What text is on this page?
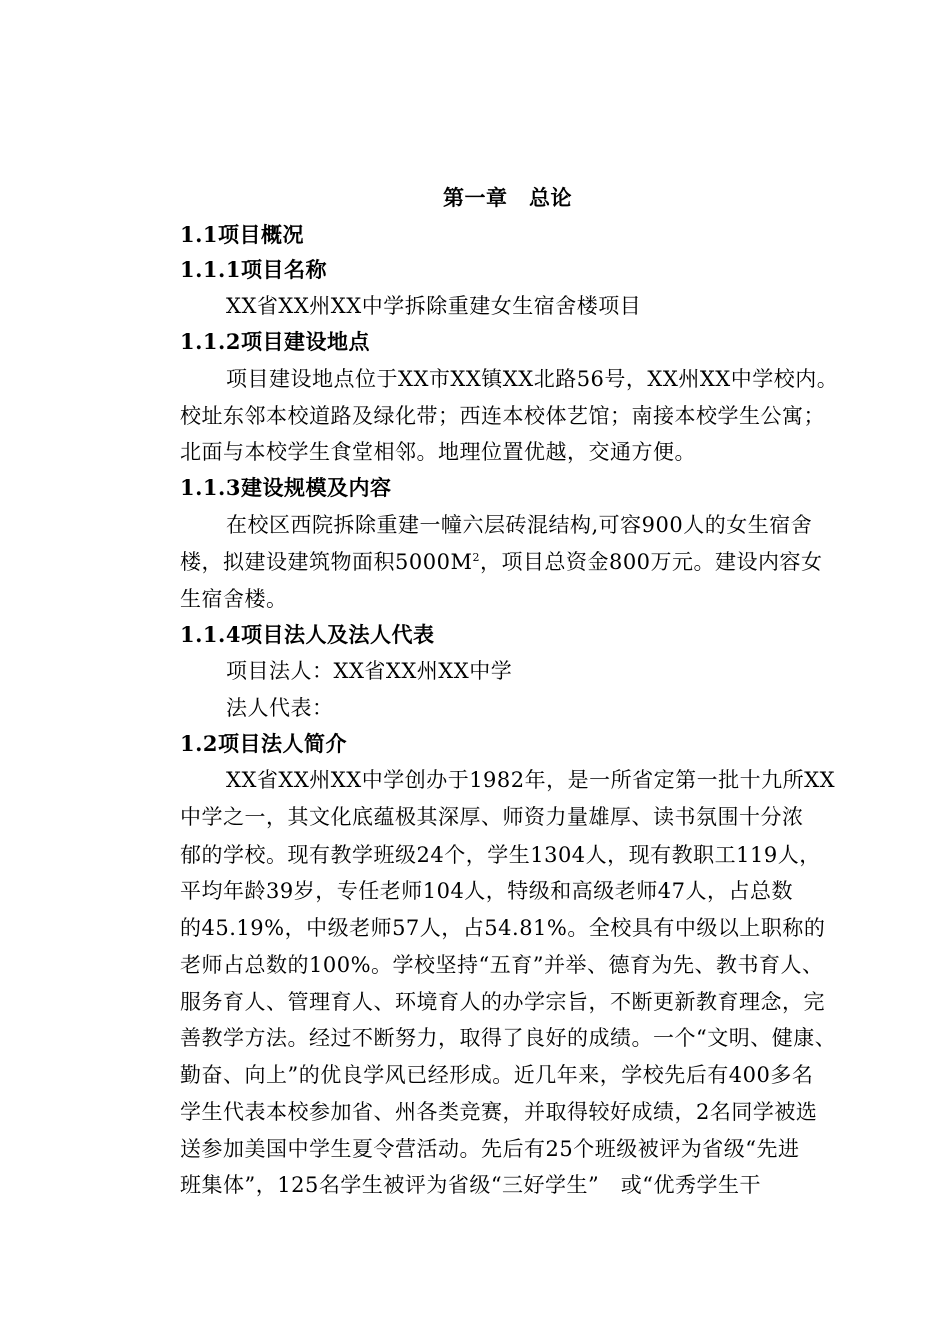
第一章　总论
1.1项目概况
1.1.1项目名称
XX省XX州XX中学拆除重建女生宿舍楼项目
1.1.2项目建设地点
项目建设地点位于XX市XX镇XX北路56号，XX州XX中学校内。
校址东邻本校道路及绿化带；西连本校体艺馆；南接本校学生公寓；
北面与本校学生食堂相邻。地理位置优越，交通方便。
1.1.3建设规模及内容
在校区西院拆除重建一幢六层砖混结构,可容900人的女生宿舍
楼，拟建设建筑物面积$5000M^2$，项目总资金800万元。建设内容女
生宿舍楼。
1.1.4项目法人及法人代表
项目法人：XX省XX州XX中学
法人代表：
1.2项目法人简介
XX省XX州XX中学创办于1982年，是一所省定第一批十九所XX
中学之一，其文化底蕴极其深厚、师资力量雄厚、读书氛围十分浓
郁的学校。现有教学班级24个，学生1304人，现有教职工119人，
平均年龄39岁，专任老师104人，特级和高级老师47人，占总数
的45.19%，中级老师57人，占54.81%。全校具有中级以上职称的
老师占总数的100%。学校坚持“五育”并举、德育为先、教书育人、
服务育人、管理育人、环境育人的办学宗旨，不断更新教育理念，完
善教学方法。经过不断努力，取得了良好的成绩。一个“文明、健康、
勤奋、向上”的优良学风已经形成。近几年来，学校先后有400多名
学生代表本校参加省、州各类竞赛，并取得较好成绩，2名同学被选
送参加美国中学生夏令营活动。先后有25个班级被评为省级“先进
班集体”，125名学生被评为省级“三好学生”　或“优秀学生干
